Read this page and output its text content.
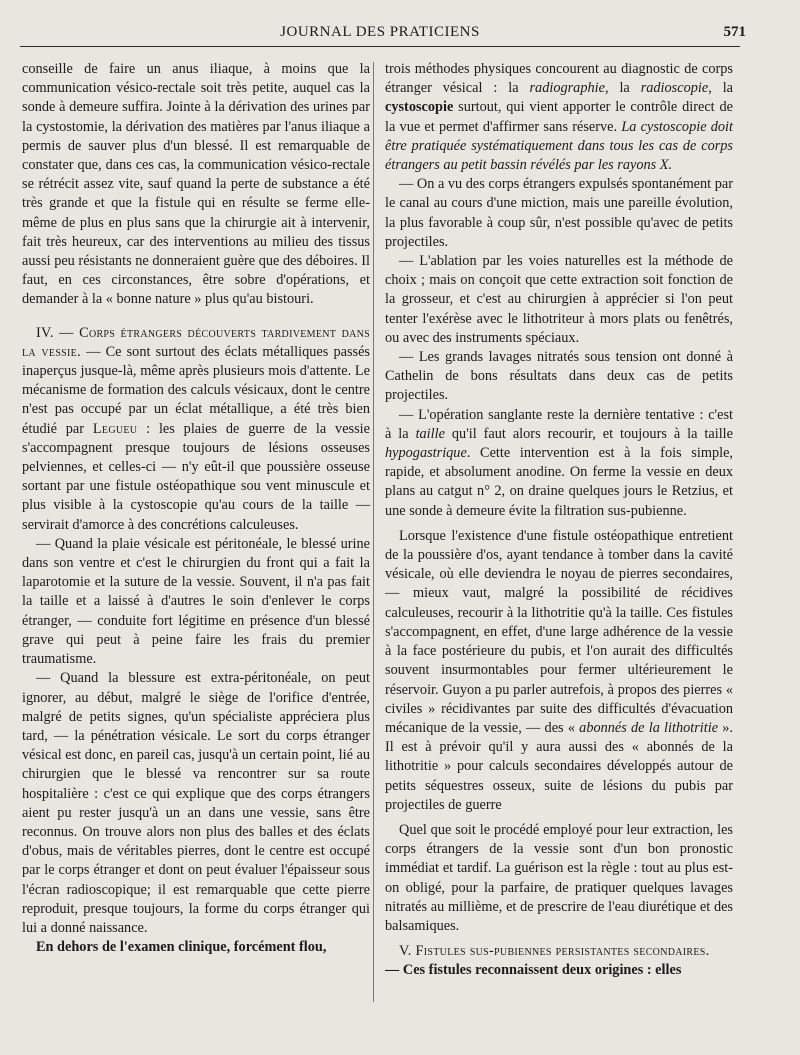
JOURNAL DES PRATICIENS	571

conseille de faire un anus iliaque, à moins que la communication vésico-rectale soit très petite, auquel cas la sonde à demeure suffira. Jointe à la dérivation des urines par la cystostomie, la dérivation des matières par l'anus iliaque a permis de sauver plus d'un blessé. Il est remarquable de constater que, dans ces cas, la communication vésico-rectale se rétrécit assez vite, sauf quand la perte de substance a été très grande et que la fistule qui en résulte se ferme elle-même de plus en plus sans que la chirurgie ait à intervenir, fait très heureux, car des interventions au milieu des tissus aussi peu résistants ne donneraient guère que des déboires. Il faut, en ces circonstances, être sobre d'opérations, et demander à la « bonne nature » plus qu'au bistouri.

IV. — Corps étrangers découverts tardivement dans la vessie. — Ce sont surtout des éclats métalliques passés inaperçus jusque-là, même après plusieurs mois d'attente. Le mécanisme de formation des calculs vésicaux, dont le centre n'est pas occupé par un éclat métallique, a été très bien étudié par Legueu : les plaies de guerre de la vessie s'accompagnent presque toujours de lésions osseuses pelviennes, et celles-ci — n'y eût-il que poussière osseuse sortant par une fistule ostéopathique sou vent minuscule et plus visible à la cystoscopie qu'au cours de la taille — servirait d'amorce à des concrétions calculeuses.

— Quand la plaie vésicale est péritonéale, le blessé urine dans son ventre et c'est le chirurgien du front qui a fait la laparotomie et la suture de la vessie. Souvent, il n'a pas fait la taille et a laissé à d'autres le soin d'enlever le corps étranger, — conduite fort légitime en présence d'un blessé grave qui peut à peine faire les frais du premier traumatisme.

— Quand la blessure est extra-péritonéale, on peut ignorer, au début, malgré le siège de l'orifice d'entrée, malgré de petits signes, qu'un spécialiste appréciera plus tard, — la pénétration vésicale. Le sort du corps étranger vésical est donc, en pareil cas, jusqu'à un certain point, lié au chirurgien que le blessé va rencontrer sur sa route hospitalière : c'est ce qui explique que des corps étrangers aient pu rester jusqu'à un an dans une vessie, sans être reconnus. On trouve alors non plus des balles et des éclats d'obus, mais de véritables pierres, dont le centre est occupé par le corps étranger et dont on peut évaluer l'épaisseur sous l'écran radioscopique; il est remarquable que cette pierre reproduit, presque toujours, la forme du corps étranger qui lui a donné naissance.

En dehors de l'examen clinique, forcément flou,

trois méthodes physiques concourent au diagnostic de corps étranger vésical : la radiographie, la radioscopie, la cystoscopie surtout, qui vient apporter le contrôle direct de la vue et permet d'affirmer sans réserve. La cystoscopie doit être pratiquée systématiquement dans tous les cas de corps étrangers au petit bassin révélés par les rayons X.

— On a vu des corps étrangers expulsés spontanément par le canal au cours d'une miction, mais une pareille évolution, la plus favorable à coup sûr, n'est possible qu'avec de petits projectiles.

— L'ablation par les voies naturelles est la méthode de choix ; mais on conçoit que cette extraction soit fonction de la grosseur, et c'est au chirurgien à apprécier si l'on peut tenter l'exérèse avec le lithotriteur à mors plats ou fenêtrés, ou avec des instruments spéciaux.

— Les grands lavages nitratés sous tension ont donné à Cathelin de bons résultats dans deux cas de petits projectiles.

— L'opération sanglante reste la dernière tentative : c'est à la taille qu'il faut alors recourir, et toujours à la taille hypogastrique. Cette intervention est à la fois simple, rapide, et absolument anodine. On ferme la vessie en deux plans au catgut n° 2, on draine quelques jours le Retzius, et une sonde à demeure évite la filtration sus-pubienne.

Lorsque l'existence d'une fistule ostéopathique entretient de la poussière d'os, ayant tendance à tomber dans la cavité vésicale, où elle deviendra le noyau de pierres secondaires, — mieux vaut, malgré la possibilité de récidives calculeuses, recourir à la lithotritie qu'à la taille. Ces fistules s'accompagnent, en effet, d'une large adhérence de la vessie à la face postérieure du pubis, et l'on aurait des difficultés souvent insurmontables pour fermer ultérieurement le réservoir. Guyon a pu parler autrefois, à propos des pierres « civiles » récidivantes par suite des difficultés d'évacuation mécanique de la vessie, — des « abonnés de la lithotritie ». Il est à prévoir qu'il y aura aussi des « abonnés de la lithotritie » pour calculs secondaires développés autour de petits séquestres osseux, suite de lésions du pubis par projectiles de guerre

Quel que soit le procédé employé pour leur extraction, les corps étrangers de la vessie sont d'un bon pronostic immédiat et tardif. La guérison est la règle : tout au plus est-on obligé, pour la parfaire, de pratiquer quelques lavages nitratés au millième, et de prescrire de l'eau diurétique et des balsamiques.

V. Fistules sus-pubiennes persistantes secondaires.
— Ces fistules reconnaissent deux origines : elles
